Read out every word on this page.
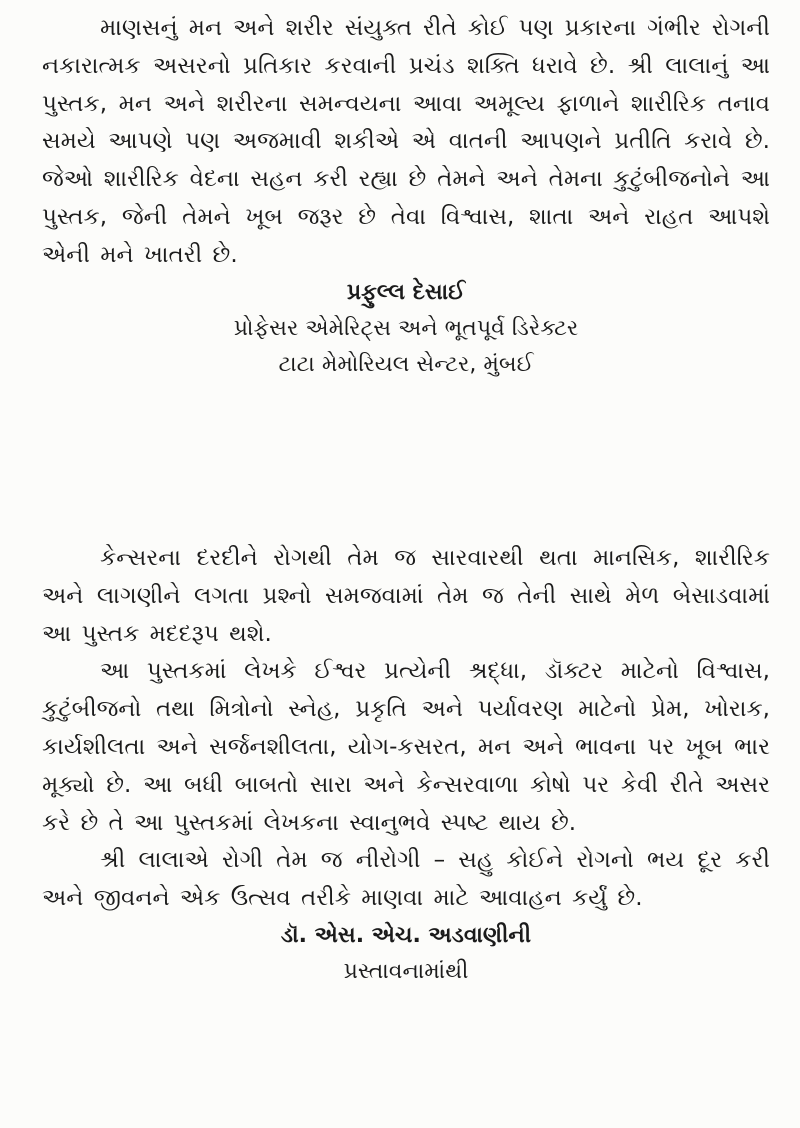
માણસનું મન અને શરીર સંયુક્ત રીતે કોઈ પણ પ્રકારના ગંભીર રોગની નકારાત્મક અસરનો પ્રતિકાર કરવાની પ્રચંડ શક્તિ ધરાવે છે. શ્રી લાલાનું આ પુસ્તક, મન અને શરીરના સમન્વયના આવા અમૂલ્ય ફાળાને શારીરિક તનાવ સમયે આપણે પણ અજમાવી શકીએ એ વાતની આપણને પ્રતીતિ કરાવે છે. જેઓ શારીરિક વેદના સહન કરી રહ્યા છે તેમને અને તેમના કુટુંબીજનોને આ પુસ્તક, જેની તેમને ખૂબ જરૂર છે તેવા વિશ્વાસ, શાતા અને રાહત આપશે એની મને ખાતરી છે.

પ્રફુલ્લ દેસાઈ

પ્રોફેસર એમેરિટ્સ અને ભૂતપૂર્વ ડિરેક્ટર

ટાટા મેમોરિયલ સેન્ટર, મુંબઈ

કેન્સરના દરદીને રોગથી તેમ જ સારવારથી થતા માનસિક, શારીરિક અને લાગણીને લગતા પ્રશ્નો સમજવામાં તેમ જ તેની સાથે મેળ બેસાડવામાં આ પુસ્તક મદદરૂપ થશે.

આ પુસ્તકમાં લેખકે ઈશ્વર પ્રત્યેની શ્રદ્ધા, ડૉક્ટર માટેનો વિશ્વાસ, કુટુંબીજનો તથા મિત્રોનો સ્નેહ, પ્રકૃતિ અને પર્યાવરણ માટેનો પ્રેમ, ખોરાક, કાર્યશીલતા અને સર્જનશીલતા, યોગ-કસરત, મન અને ભાવના પર ખૂબ ભાર મૂક્યો છે. આ બધી બાબતો સારા અને કેન્સરવાળા કોષો પર કેવી રીતે અસર કરે છે તે આ પુસ્તકમાં લેખકના સ્વાનુભવે સ્પષ્ટ થાય છે.

શ્રી લાલાએ રોગી તેમ જ નીરોગી – સહુ કોઈને રોગનો ભય દૂર કરી અને જીવનને એક ઉત્સવ તરીકે માણવા માટે આવાહન કર્યું છે.

ડૉ. એસ. એચ. અડવાણીની

પ્રસ્તાવનામાંથી
